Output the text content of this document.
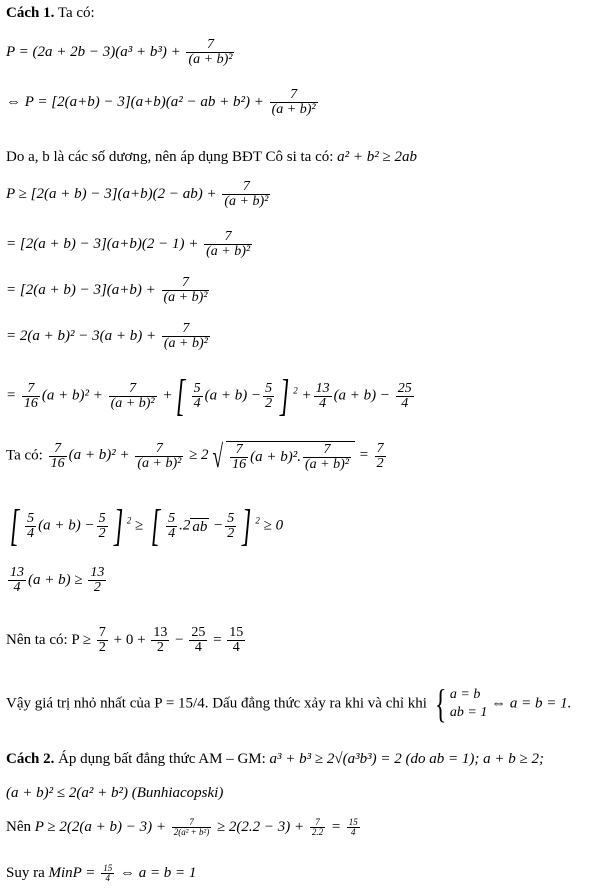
Cách 1. Ta có:
$P = (2a + 2b - 3)(a^3 + b^3) + \frac{7}{\text{(a + b)²}}$
⇔ P = [2(a+b) − 3](a+b)(a² − ab + $b^2) + \frac{7}{\text{(a + b)²}}$
Do a, b là các số dương, nên áp dụng BĐT Cô si ta có: a² + b² ≥ 2ab
$P \ge [2(a + b) - 3](a+b)(2 - ab) + \frac{7}{\text{(a + b)²}}$
= $[2(a + b) - 3](a+b)(2 - 1) + \frac{7}{\text{(a + b)²}}$
= $[2(a + b) - 3](a+b) + \frac{7}{\text{(a + b)²}}$
= $2(a + b)^2 - 3(a + b) + \frac{7}{\text{(a + b)²}}$
= $\frac{7}{16} (a + b)^2 + \frac{7}{\text{(a + b)²}}$ +[ $\frac{5}{4} (a + b) - \frac{5}{2}$ ] $^2 + \frac{13}{4} (a + b) - \frac{25}{4}$
Ta có: $\frac{7}{16} (a + b)^2 + \frac{7}{\text{(a + b)²}} \ge 2$ √ $\frac{7}{16} (a + b)^2$. $\frac{7}{\text{(a + b)²}} = \frac{7}{2}$
[ $\frac{5}{4} (a + b) - \frac{5}{2}$ ] $^2$ ≥ [ $\frac{5}{4} .2$ ab − $\frac{5}{2}$ ] $^2$ ≥ 0
$\frac{13}{4} (a + b) \ge \frac{13}{2}$
Nên ta có: $P \ge \frac{7}{2} + 0 + \frac{13}{2} - \frac{25}{4} = \frac{15}{4}$
Vậy giá trị nhỏ nhất của P = 15/4. Dấu đẳng thức xảy ra khi và chỉ khi { a = b
ab = 1
⇔ a = b = 1.
Cách 2. Áp dụng bất đẳng thức AM – GM: a³ + b³ ≥ 2√(a³b³) = 2 (do ab = 1); a + b ≥ 2;
(a + b)² ≤ 2(a² + b²) (Bunhiacopski)
Nên $P \ge 2(2(a + b) - 3) + \frac{7}{\text{2(a² + b²)}} \ge 2(2.2 - 3) + \frac{7}{2.2} = \frac{15}{4}$
Suy ra MinP = $\frac{15}{4}$ ⇔ a = b = 1
